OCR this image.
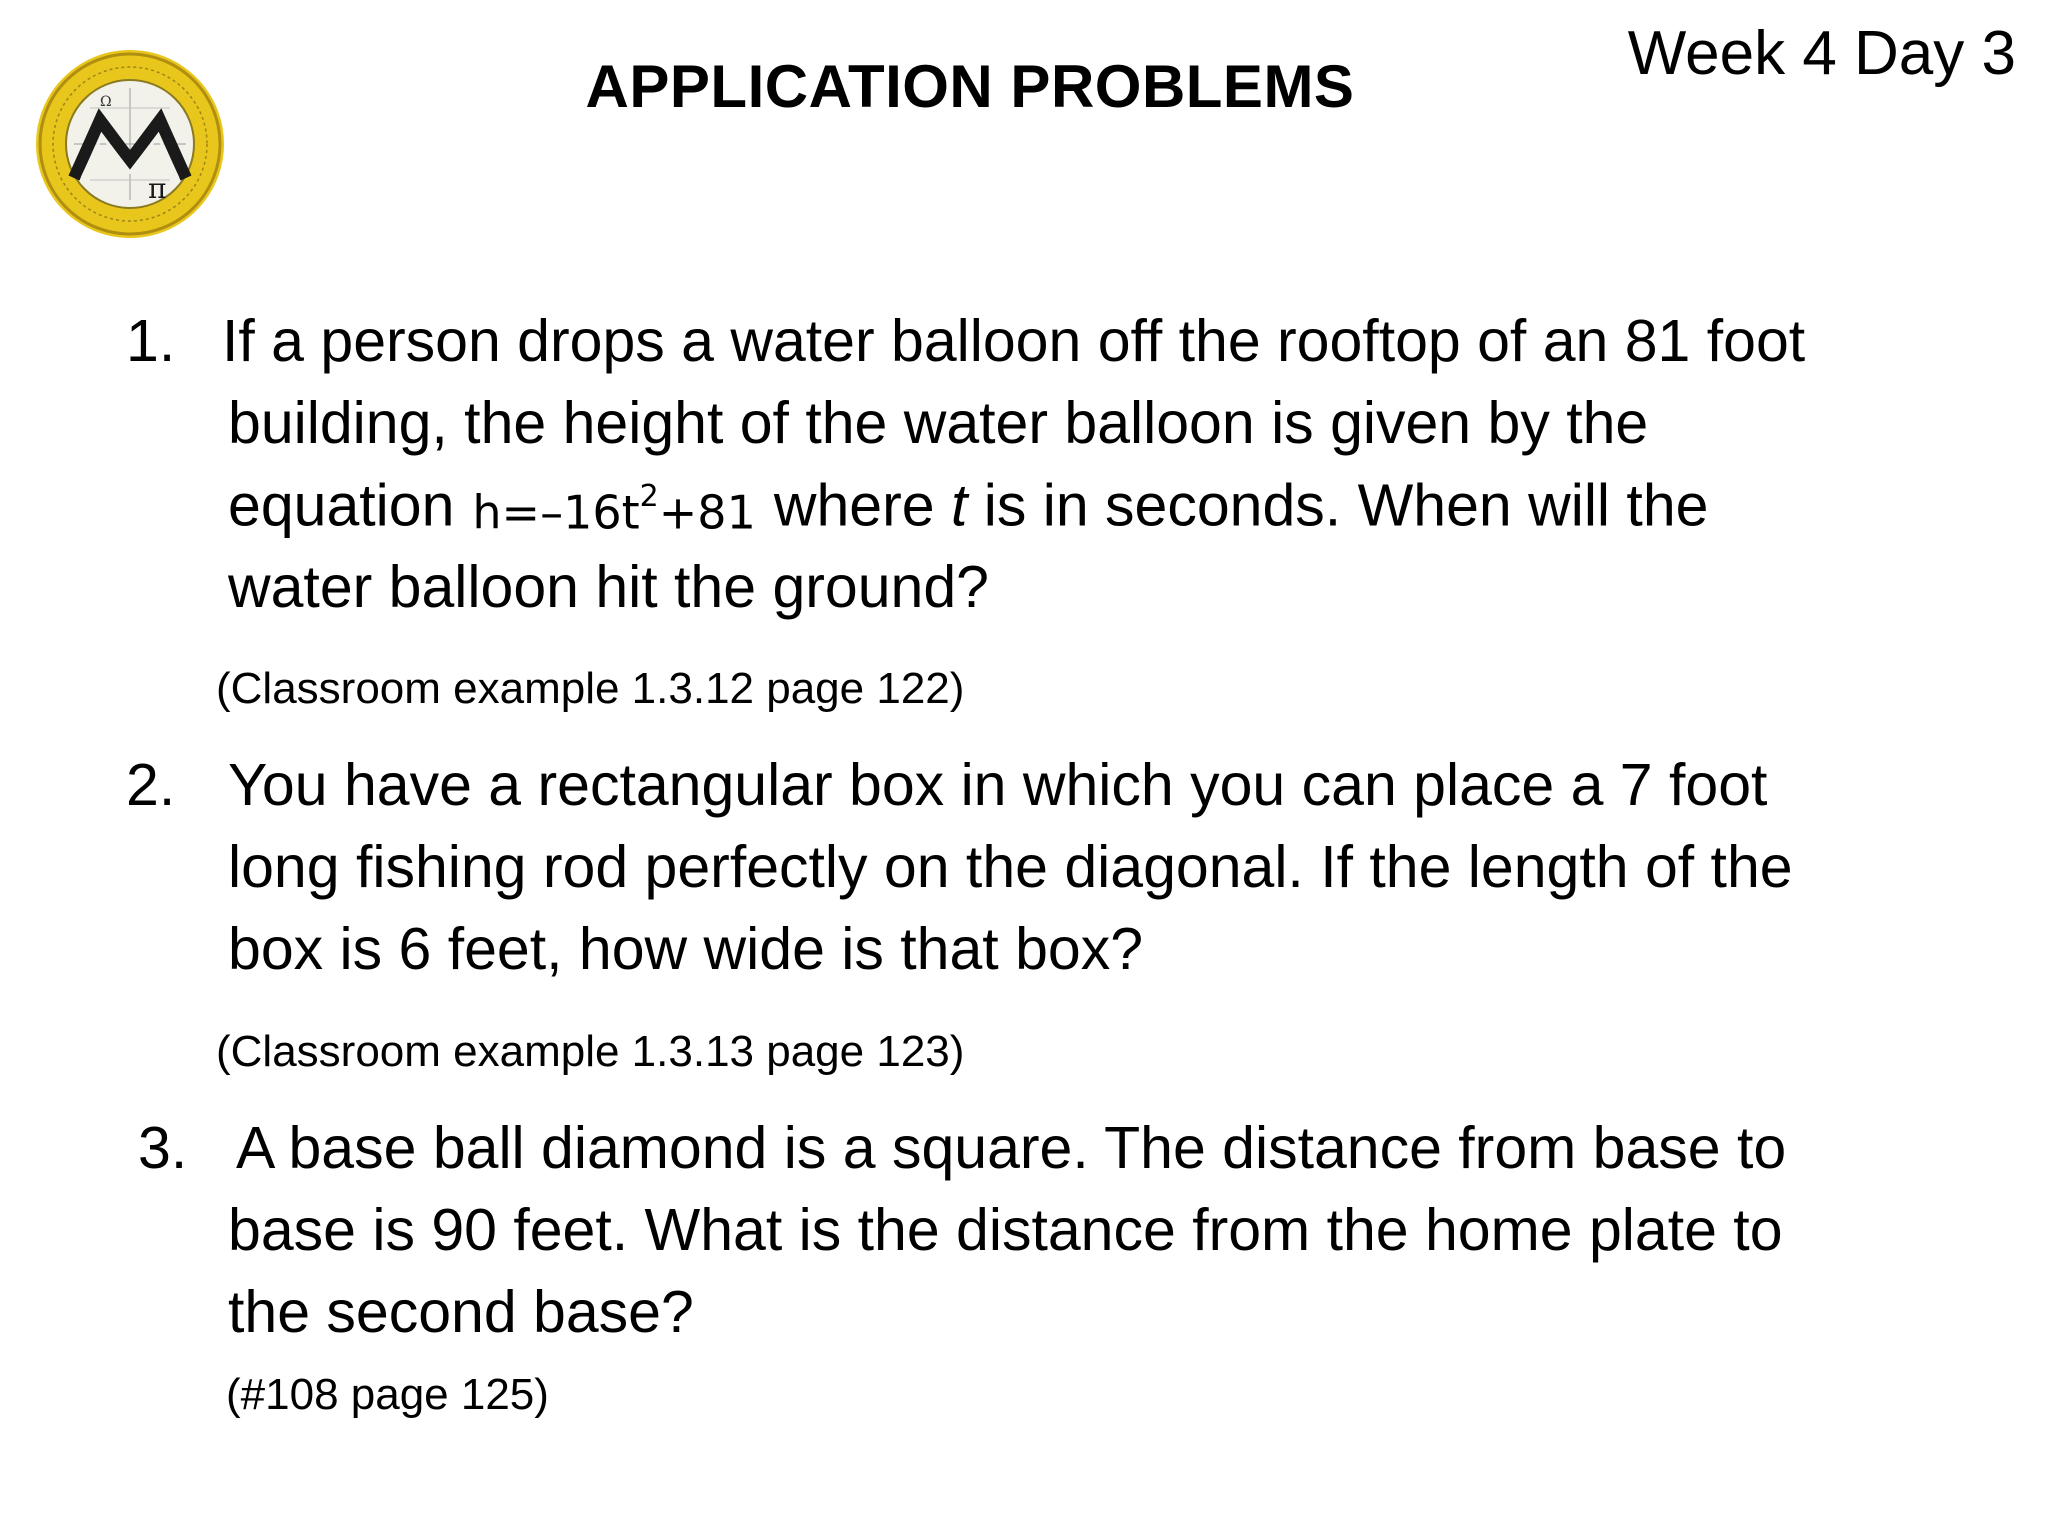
π
Ω	APPLICATION PROBLEMS	Week 4 Day 3
1. If a person drops a water balloon off the rooftop of an 81 foot
building, the height of the water balloon is given by the
equation $h=-16t^2+81$ where t is in seconds. When will the
water balloon hit the ground?
(Classroom example 1.3.12 page 122)
2. You have a rectangular box in which you can place a 7 foot
long fishing rod perfectly on the diagonal. If the length of the
box is 6 feet, how wide is that box?
(Classroom example 1.3.13 page 123)
3. A base ball diamond is a square. The distance from base to
base is 90 feet. What is the distance from the home plate to
the second base?
(#108 page 125)
